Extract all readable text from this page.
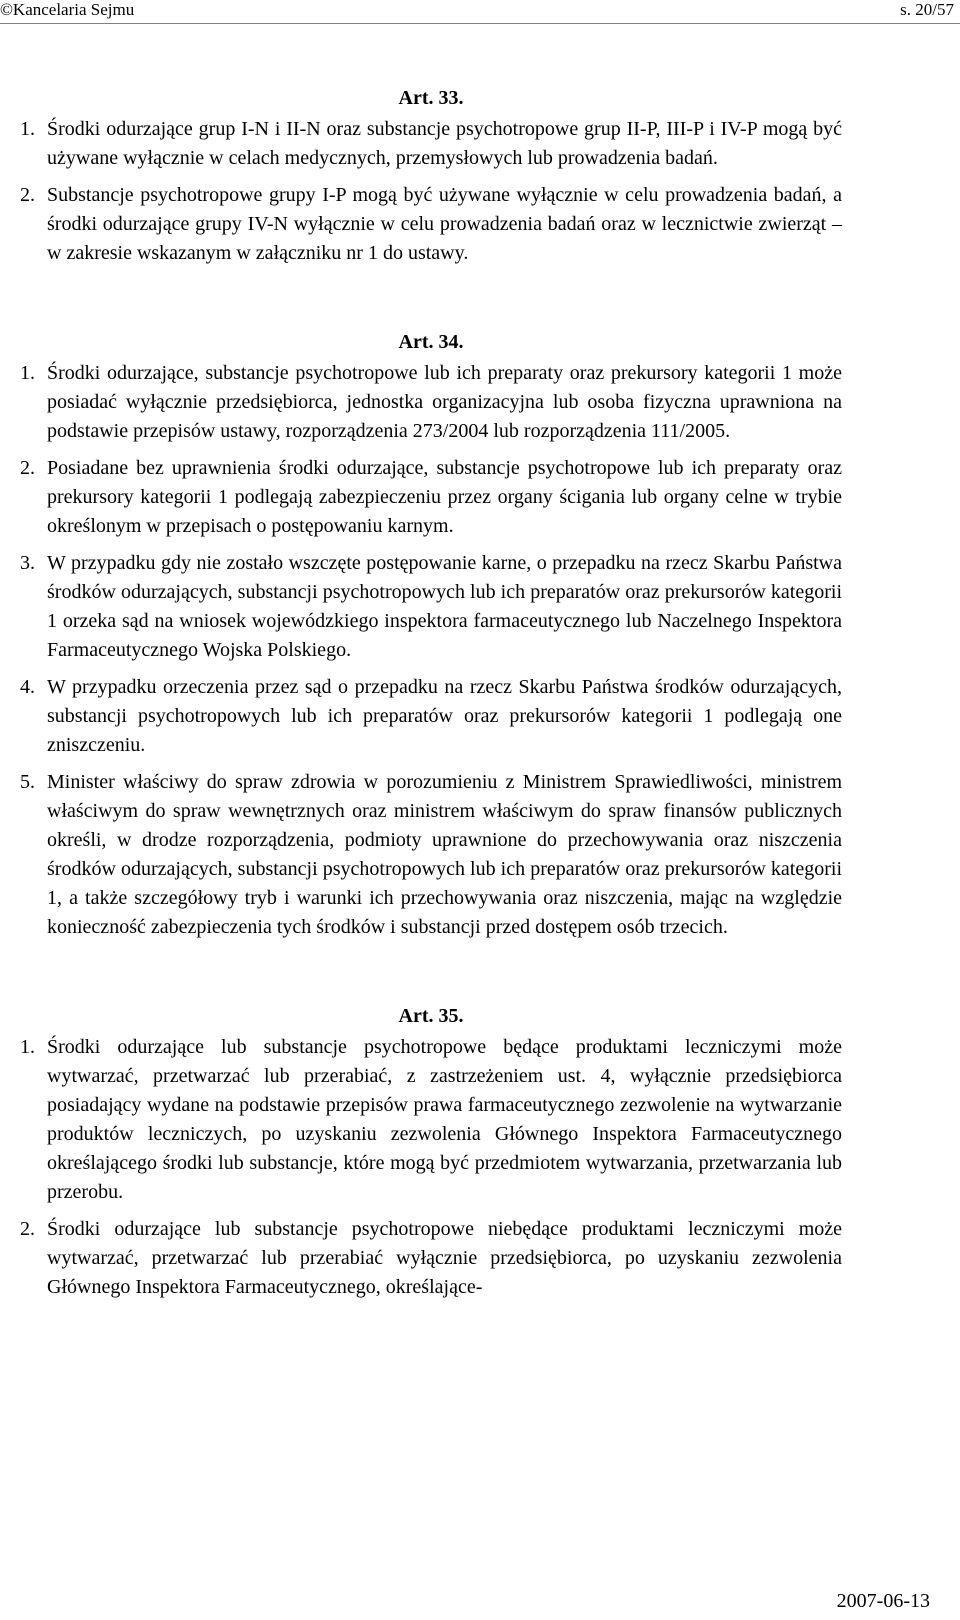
©Kancelaria Sejmu	s. 20/57
Art. 33.
1. Środki odurzające grup I-N i II-N oraz substancje psychotropowe grup II-P, III-P i IV-P mogą być używane wyłącznie w celach medycznych, przemysłowych lub prowadzenia badań.
2. Substancje psychotropowe grupy I-P mogą być używane wyłącznie w celu prowadzenia badań, a środki odurzające grupy IV-N wyłącznie w celu prowadzenia badań oraz w lecznictwie zwierząt – w zakresie wskazanym w załączniku nr 1 do ustawy.
Art. 34.
1. Środki odurzające, substancje psychotropowe lub ich preparaty oraz prekursory kategorii 1 może posiadać wyłącznie przedsiębiorca, jednostka organizacyjna lub osoba fizyczna uprawniona na podstawie przepisów ustawy, rozporządzenia 273/2004 lub rozporządzenia 111/2005.
2. Posiadane bez uprawnienia środki odurzające, substancje psychotropowe lub ich preparaty oraz prekursory kategorii 1 podlegają zabezpieczeniu przez organy ścigania lub organy celne w trybie określonym w przepisach o postępowaniu karnym.
3. W przypadku gdy nie zostało wszczęte postępowanie karne, o przepadku na rzecz Skarbu Państwa środków odurzających, substancji psychotropowych lub ich preparatów oraz prekursorów kategorii 1 orzeka sąd na wniosek wojewódzkiego inspektora farmaceutycznego lub Naczelnego Inspektora Farmaceutycznego Wojska Polskiego.
4. W przypadku orzeczenia przez sąd o przepadku na rzecz Skarbu Państwa środków odurzających, substancji psychotropowych lub ich preparatów oraz prekursorów kategorii 1 podlegają one zniszczeniu.
5. Minister właściwy do spraw zdrowia w porozumieniu z Ministrem Sprawiedliwości, ministrem właściwym do spraw wewnętrznych oraz ministrem właściwym do spraw finansów publicznych określi, w drodze rozporządzenia, podmioty uprawnione do przechowywania oraz niszczenia środków odurzających, substancji psychotropowych lub ich preparatów oraz prekursorów kategorii 1, a także szczegółowy tryb i warunki ich przechowywania oraz niszczenia, mając na względzie konieczność zabezpieczenia tych środków i substancji przed dostępem osób trzecich.
Art. 35.
1. Środki odurzające lub substancje psychotropowe będące produktami leczniczymi może wytwarzać, przetwarzać lub przerabiać, z zastrzeżeniem ust. 4, wyłącznie przedsiębiorca posiadający wydane na podstawie przepisów prawa farmaceutycznego zezwolenie na wytwarzanie produktów leczniczych, po uzyskaniu zezwolenia Głównego Inspektora Farmaceutycznego określającego środki lub substancje, które mogą być przedmiotem wytwarzania, przetwarzania lub przerobu.
2. Środki odurzające lub substancje psychotropowe niebędące produktami leczniczymi może wytwarzać, przetwarzać lub przerabiać wyłącznie przedsiębiorca, po uzyskaniu zezwolenia Głównego Inspektora Farmaceutycznego, określające-
2007-06-13
